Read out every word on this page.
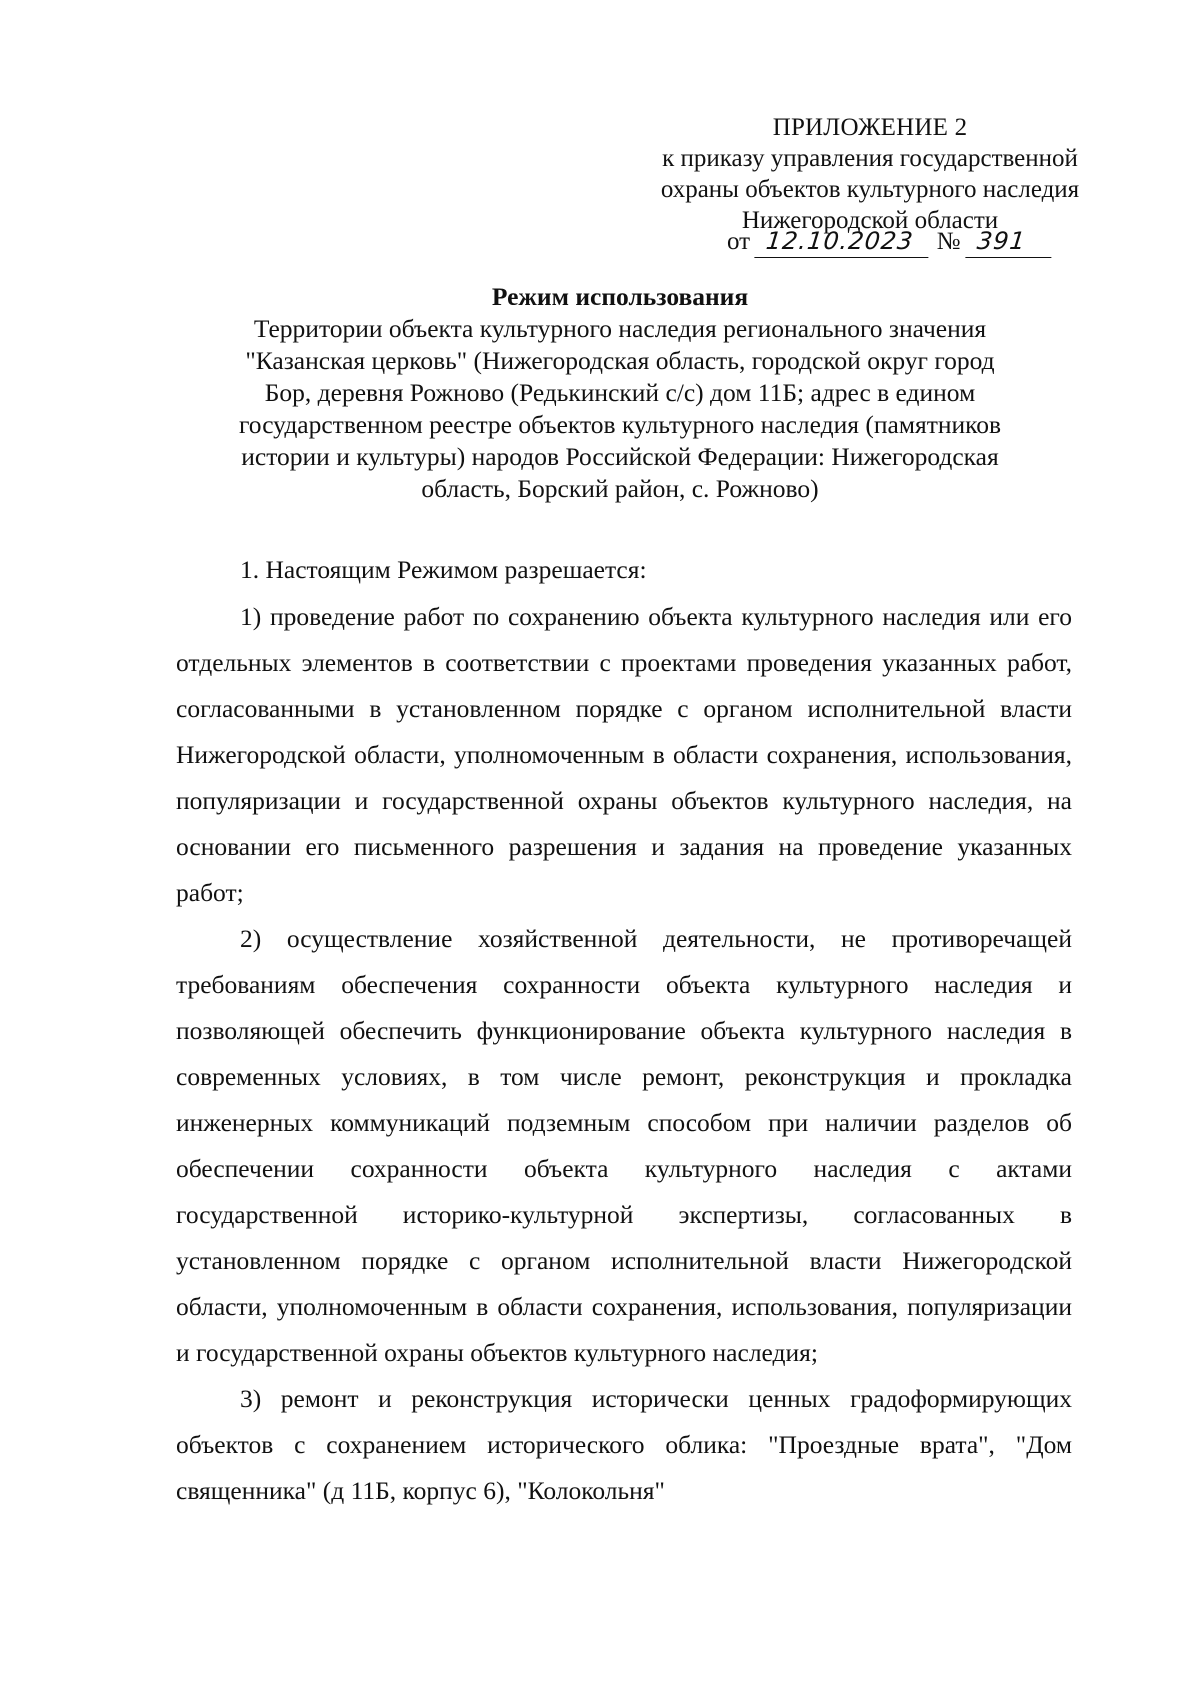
ПРИЛОЖЕНИЕ 2
к приказу управления государственной
охраны объектов культурного наследия
Нижегородской области
от 12.10.2023 № 391
Режим использования
Территории объекта культурного наследия регионального значения
"Казанская церковь" (Нижегородская область, городской округ город
Бор, деревня Рожново (Редькинский с/с) дом 11Б; адрес в едином
государственном реестре объектов культурного наследия (памятников
истории и культуры) народов Российской Федерации: Нижегородская
область, Борский район, с. Рожново)

1. Настоящим Режимом разрешается:

1) проведение работ по сохранению объекта культурного наследия или его отдельных элементов в соответствии с проектами проведения указанных работ, согласованными в установленном порядке с органом исполнительной власти Нижегородской области, уполномоченным в области сохранения, использования, популяризации и государственной охраны объектов культурного наследия, на основании его письменного разрешения и задания на проведение указанных работ;

2) осуществление хозяйственной деятельности, не противоречащей требованиям обеспечения сохранности объекта культурного наследия и позволяющей обеспечить функционирование объекта культурного наследия в современных условиях, в том числе ремонт, реконструкция и прокладка инженерных коммуникаций подземным способом при наличии разделов об обеспечении сохранности объекта культурного наследия с актами государственной историко-культурной экспертизы, согласованных в установленном порядке с органом исполнительной власти Нижегородской области, уполномоченным в области сохранения, использования, популяризации и государственной охраны объектов культурного наследия;

3) ремонт и реконструкция исторически ценных градоформирующих объектов с сохранением исторического облика: "Проездные врата", "Дом священника" (д 11Б, корпус 6), "Колокольня"
